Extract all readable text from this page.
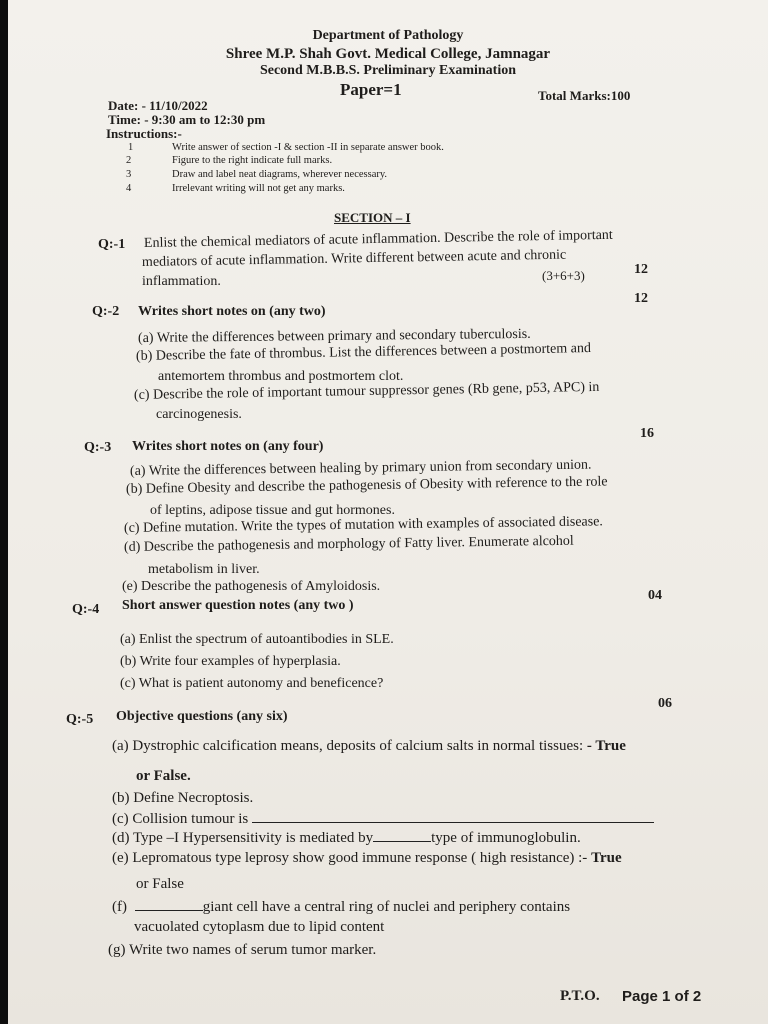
Department of Pathology
Shree M.P. Shah Govt. Medical College, Jamnagar
Second M.B.B.S. Preliminary Examination
Paper=1
Date: - 11/10/2022
Time: - 9:30 am to 12:30 pm
Total Marks:100
Instructions:-
1	Write answer of section -I & section -II in separate answer book.
2	Figure to the right indicate full marks.
3	Draw and label neat diagrams, wherever necessary.
4	Irrelevant writing will not get any marks.
SECTION – I
Q:-1 Enlist the chemical mediators of acute inflammation. Describe the role of important
mediators of acute inflammation. Write different between acute and chronic
inflammation.	(3+6+3)	12
12
Q:-2 Writes short notes on (any two)
(a) Write the differences between primary and secondary tuberculosis.
(b) Describe the fate of thrombus. List the differences between a postmortem and
antemortem thrombus and postmortem clot.
(c) Describe the role of important tumour suppressor genes (Rb gene, p53, APC) in
carcinogenesis.
16
Q:-3 Writes short notes on (any four)
(a) Write the differences between healing by primary union from secondary union.
(b) Define Obesity and describe the pathogenesis of Obesity with reference to the role
of leptins, adipose tissue and gut hormones.
(c) Define mutation. Write the types of mutation with examples of associated disease.
(d) Describe the pathogenesis and morphology of Fatty liver. Enumerate alcohol
metabolism in liver.
(e) Describe the pathogenesis of Amyloidosis.
04
Q:-4 Short answer question notes (any two )
(a) Enlist the spectrum of autoantibodies in SLE.
(b) Write four examples of hyperplasia.
(c) What is patient autonomy and beneficence?
06
Q:-5 Objective questions (any six)
(a) Dystrophic calcification means, deposits of calcium salts in normal tissues: - True
or False.
(b) Define Necroptosis.
(c) Collision tumour is
(d) Type –I Hypersensitivity is mediated by	type of immunoglobulin.
(e) Lepromatous type leprosy show good immune response ( high resistance) :- True
or False
(f)	giant cell have a central ring of nuclei and periphery contains
vacuolated cytoplasm due to lipid content
(g) Write two names of serum tumor marker.
P.T.O. Page 1 of 2
